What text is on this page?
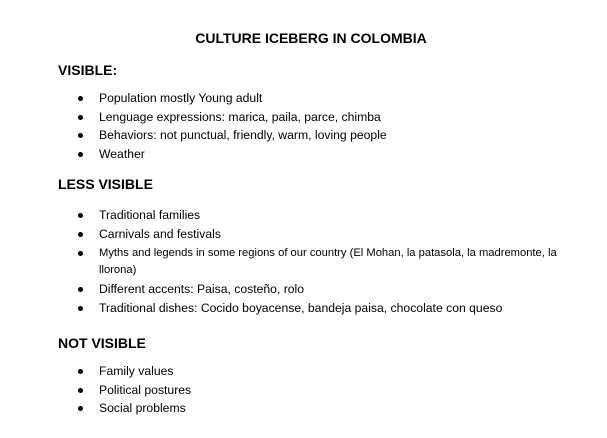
CULTURE ICEBERG IN COLOMBIA
VISIBLE:
Population mostly Young adult
Lenguage expressions: marica, paila, parce, chimba
Behaviors: not punctual, friendly, warm, loving people
Weather
LESS VISIBLE
Traditional families
Carnivals and festivals
Myths and legends in some regions of our country (El Mohan, la patasola, la madremonte, la llorona)
Different accents: Paisa, costeño, rolo
Traditional dishes: Cocido boyacense, bandeja paisa, chocolate con queso
NOT VISIBLE
Family values
Political postures
Social problems
